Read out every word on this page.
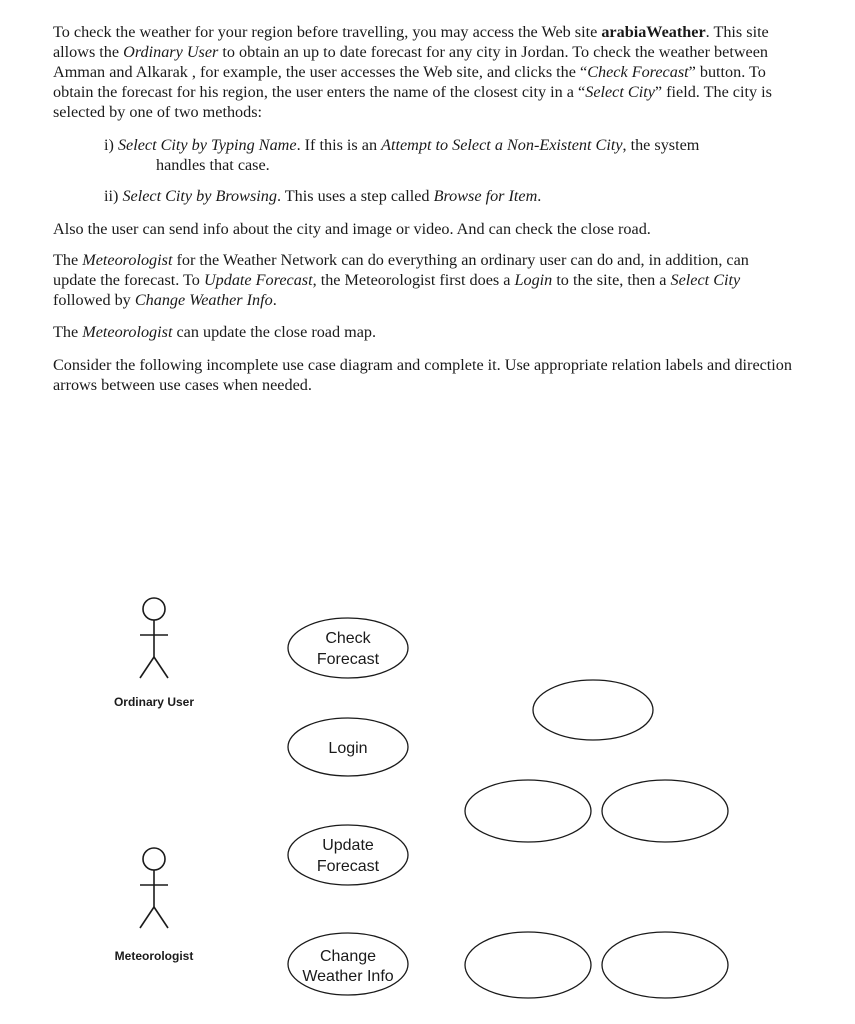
To check the weather for your region before travelling, you may access the Web site arabiaWeather. This site allows the Ordinary User to obtain an up to date forecast for any city in Jordan. To check the weather between Amman and Alkarak , for example, the user accesses the Web site, and clicks the “Check Forecast” button. To obtain the forecast for his region, the user enters the name of the closest city in a “Select City” field. The city is selected by one of two methods:

i) Select City by Typing Name. If this is an Attempt to Select a Non-Existent City, the system

handles that case.

ii) Select City by Browsing. This uses a step called Browse for Item.

Also the user can send info about the city and image or video. And can check the close road.

The Meteorologist for the Weather Network can do everything an ordinary user can do and, in addition, can update the forecast. To Update Forecast, the Meteorologist first does a Login to the site, then a Select City followed by Change Weather Info.

The Meteorologist can update the close road map.

Consider the following incomplete use case diagram and complete it. Use appropriate relation labels and direction arrows between use cases when needed.

Ordinary User
Meteorologist
Check
Forecast
Login
Update
Forecast
Change
Weather Info
